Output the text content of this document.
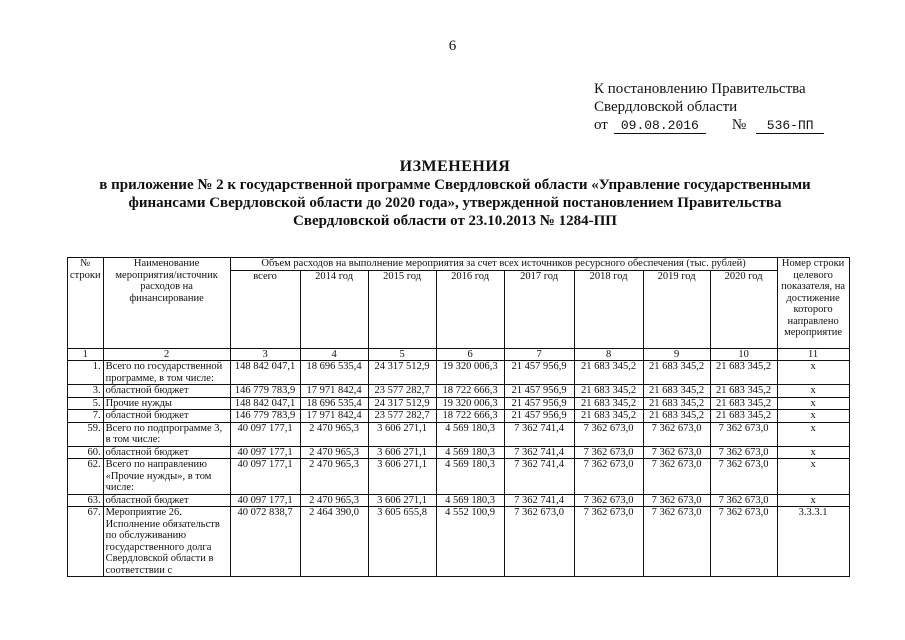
6
К постановлению Правительства
Свердловской области
от 09.08.2016 № 536-ПП
ИЗМЕНЕНИЯ
в приложение № 2 к государственной программе Свердловской области «Управление государственными
финансами Свердловской области до 2020 года», утвержденной постановлением Правительства
Свердловской области от 23.10.2013 № 1284-ПП
№ строки	Наименование мероприятия/источник расходов на финансирование	Объем расходов на выполнение мероприятия за счет всех источников ресурсного обеспечения (тыс. рублей)								Номер строки целевого показателя, на достижение которого направлено мероприятие
		всего	2014 год	2015 год	2016 год	2017 год	2018 год	2019 год	2020 год	
1	2	3	4	5	6	7	8	9	10	11
1.	Всего по государственной программе, в том числе:	148 842 047,1	18 696 535,4	24 317 512,9	19 320 006,3	21 457 956,9	21 683 345,2	21 683 345,2	21 683 345,2	x
3.	областной бюджет	146 779 783,9	17 971 842,4	23 577 282,7	18 722 666,3	21 457 956,9	21 683 345,2	21 683 345,2	21 683 345,2	x
5.	Прочие нужды	148 842 047,1	18 696 535,4	24 317 512,9	19 320 006,3	21 457 956,9	21 683 345,2	21 683 345,2	21 683 345,2	x
7.	областной бюджет	146 779 783,9	17 971 842,4	23 577 282,7	18 722 666,3	21 457 956,9	21 683 345,2	21 683 345,2	21 683 345,2	x
59.	Всего по подпрограмме 3, в том числе:	40 097 177,1	2 470 965,3	3 606 271,1	4 569 180,3	7 362 741,4	7 362 673,0	7 362 673,0	7 362 673,0	x
60.	областной бюджет	40 097 177,1	2 470 965,3	3 606 271,1	4 569 180,3	7 362 741,4	7 362 673,0	7 362 673,0	7 362 673,0	x
62.	Всего по направлению «Прочие нужды», в том числе:	40 097 177,1	2 470 965,3	3 606 271,1	4 569 180,3	7 362 741,4	7 362 673,0	7 362 673,0	7 362 673,0	x
63.	областной бюджет	40 097 177,1	2 470 965,3	3 606 271,1	4 569 180,3	7 362 741,4	7 362 673,0	7 362 673,0	7 362 673,0	x
67.	Мероприятие 26. Исполнение обязательств по обслуживанию государственного долга Свердловской области в соответствии с	40 072 838,7	2 464 390,0	3 605 655,8	4 552 100,9	7 362 673,0	7 362 673,0	7 362 673,0	7 362 673,0	3.3.3.1
